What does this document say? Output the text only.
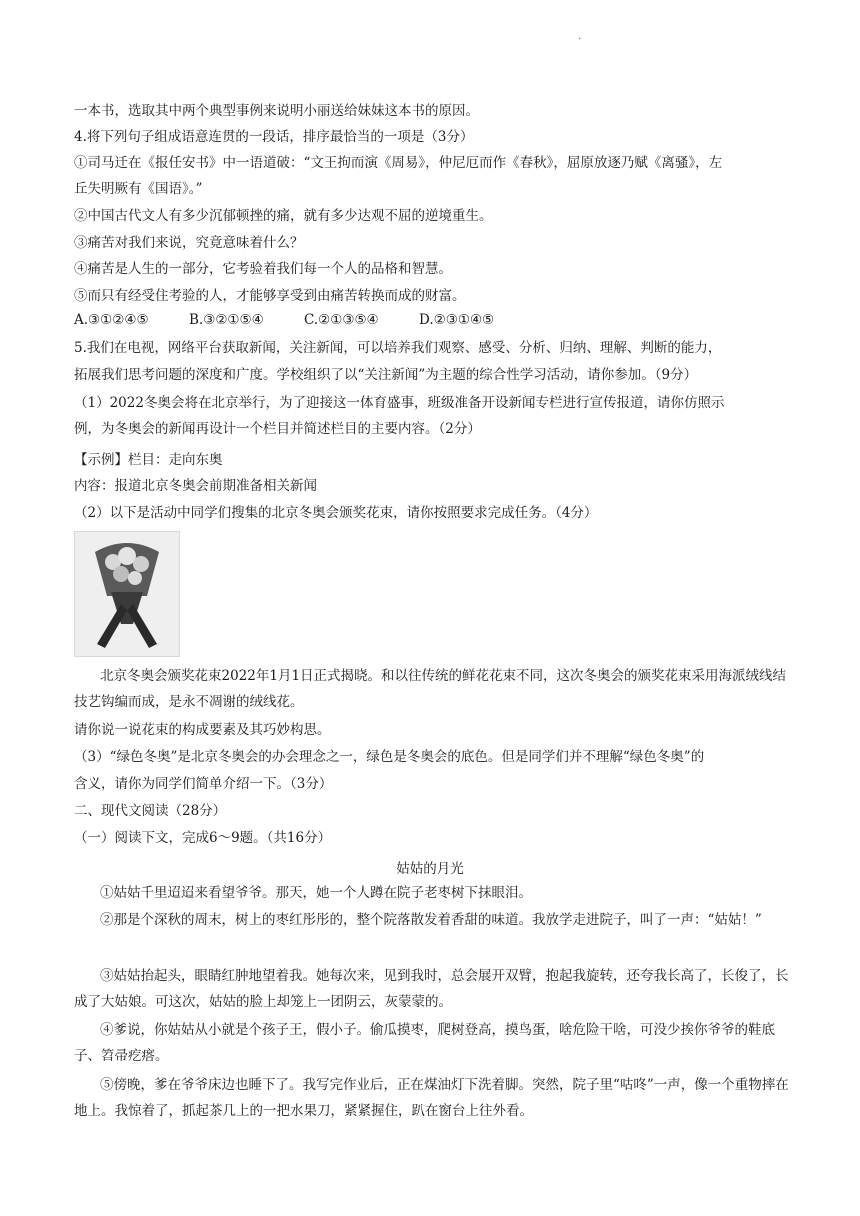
·
一本书，选取其中两个典型事例来说明小丽送给妹妹这本书的原因。
4.将下列句子组成语意连贯的一段话，排序最恰当的一项是（3分）
①司马迁在《报任安书》中一语道破：“文王拘而演《周易》，仲尼厄而作《春秋》，屈原放逐乃赋《离骚》，左
丘失明厥有《国语》。”
②中国古代文人有多少沉郁顿挫的痛，就有多少达观不屈的逆境重生。
③痛苦对我们来说，究竟意味着什么？
④痛苦是人生的一部分，它考验着我们每一个人的品格和智慧。
⑤而只有经受住考验的人，才能够享受到由痛苦转换而成的财富。
A.③①②④⑤	B.③②①⑤④	C.②①③⑤④	D.②③①④⑤
5.我们在电视，网络平台获取新闻，关注新闻，可以培养我们观察、感受、分析、归纳、理解、判断的能力，
拓展我们思考问题的深度和广度。学校组织了以“关注新闻”为主题的综合性学习活动，请你参加。（9分）
（1）2022冬奥会将在北京举行，为了迎接这一体育盛事，班级准备开设新闻专栏进行宣传报道，请你仿照示
例，为冬奥会的新闻再设计一个栏目并简述栏目的主要内容。（2分）
【示例】栏目：走向东奥
内容：报道北京冬奥会前期准备相关新闻
（2）以下是活动中同学们搜集的北京冬奥会颁奖花束，请你按照要求完成任务。（4分）
北京冬奥会颁奖花束2022年1月1日正式揭晓。和以往传统的鲜花花束不同，这次冬奥会的颁奖花束采用海派绒线结技艺钩编而成，是永不凋谢的绒线花。
请你说一说花束的构成要素及其巧妙构思。
（3）“绿色冬奥”是北京冬奥会的办会理念之一，绿色是冬奥会的底色。但是同学们并不理解“绿色冬奥”的
含义，请你为同学们简单介绍一下。（3分）
二、现代文阅读（28分）
（一）阅读下文，完成6～9题。（共16分）
姑姑的月光
①姑姑千里迢迢来看望爷爷。那天，她一个人蹲在院子老枣树下抹眼泪。
②那是个深秋的周末，树上的枣红彤彤的，整个院落散发着香甜的味道。我放学走进院子，叫了一声：“姑姑！”
③姑姑抬起头，眼睛红肿地望着我。她每次来，见到我时，总会展开双臂，抱起我旋转，还夸我长高了，长俊了，长成了大姑娘。可这次，姑姑的脸上却笼上一团阴云，灰蒙蒙的。
④爹说，你姑姑从小就是个孩子王，假小子。偷瓜摸枣，爬树登高，摸鸟蛋，啥危险干啥，可没少挨你爷爷的鞋底子、笤帚疙瘩。
⑤傍晚，爹在爷爷床边也睡下了。我写完作业后，正在煤油灯下洗着脚。突然，院子里“咕咚”一声，像一个重物摔在地上。我惊着了，抓起茶几上的一把水果刀，紧紧握住，趴在窗台上往外看。
